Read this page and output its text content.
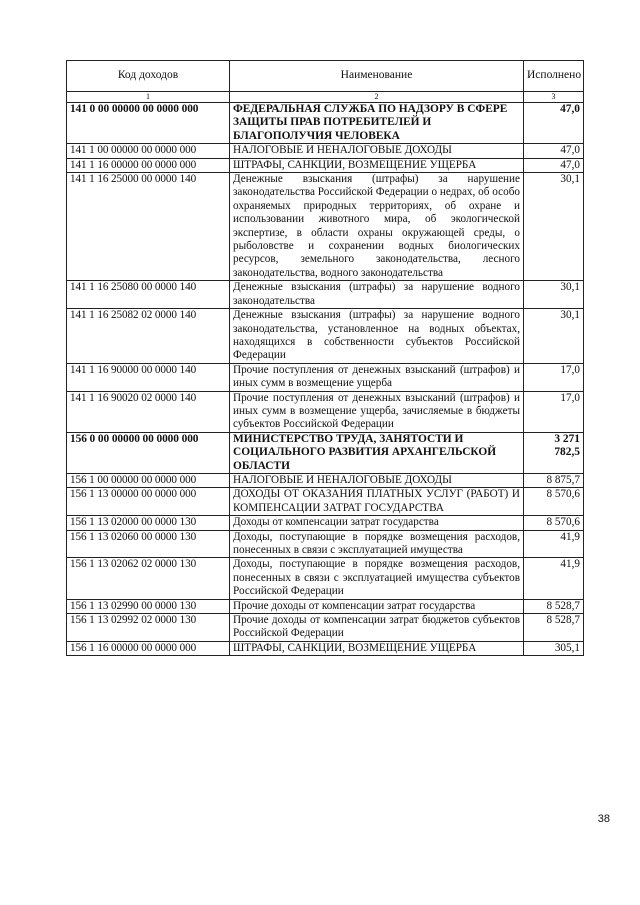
Код доходов	Наименование	Исполнено
1	2	3
141 0 00 00000 00 0000 000	ФЕДЕРАЛЬНАЯ СЛУЖБА ПО НАДЗОРУ В СФЕРЕ ЗАЩИТЫ ПРАВ ПОТРЕБИТЕЛЕЙ И БЛАГОПОЛУЧИЯ ЧЕЛОВЕКА	47,0
141 1 00 00000 00 0000 000	НАЛОГОВЫЕ И НЕНАЛОГОВЫЕ ДОХОДЫ	47,0
141 1 16 00000 00 0000 000	ШТРАФЫ, САНКЦИИ, ВОЗМЕЩЕНИЕ УЩЕРБА	47,0
141 1 16 25000 00 0000 140	Денежные взыскания (штрафы) за нарушение законодательства Российской Федерации о недрах, об особо охраняемых природных территориях, об охране и использовании животного мира, об экологической экспертизе, в области охраны окружающей среды, о рыболовстве и сохранении водных биологических ресурсов, земельного законодательства, лесного законодательства, водного законодательства	30,1
141 1 16 25080 00 0000 140	Денежные взыскания (штрафы) за нарушение водного законодательства	30,1
141 1 16 25082 02 0000 140	Денежные взыскания (штрафы) за нарушение водного законодательства, установленное на водных объектах, находящихся в собственности субъектов Российской Федерации	30,1
141 1 16 90000 00 0000 140	Прочие поступления от денежных взысканий (штрафов) и иных сумм в возмещение ущерба	17,0
141 1 16 90020 02 0000 140	Прочие поступления от денежных взысканий (штрафов) и иных сумм в возмещение ущерба, зачисляемые в бюджеты субъектов Российской Федерации	17,0
156 0 00 00000 00 0000 000	МИНИСТЕРСТВО ТРУДА, ЗАНЯТОСТИ И СОЦИАЛЬНОГО РАЗВИТИЯ АРХАНГЕЛЬСКОЙ ОБЛАСТИ	3 271 782,5
156 1 00 00000 00 0000 000	НАЛОГОВЫЕ И НЕНАЛОГОВЫЕ ДОХОДЫ	8 875,7
156 1 13 00000 00 0000 000	ДОХОДЫ ОТ ОКАЗАНИЯ ПЛАТНЫХ УСЛУГ (РАБОТ) И КОМПЕНСАЦИИ ЗАТРАТ ГОСУДАРСТВА	8 570,6
156 1 13 02000 00 0000 130	Доходы от компенсации затрат государства	8 570,6
156 1 13 02060 00 0000 130	Доходы, поступающие в порядке возмещения расходов, понесенных в связи с эксплуатацией имущества	41,9
156 1 13 02062 02 0000 130	Доходы, поступающие в порядке возмещения расходов, понесенных в связи с эксплуатацией имущества субъектов Российской Федерации	41,9
156 1 13 02990 00 0000 130	Прочие доходы от компенсации затрат государства	8 528,7
156 1 13 02992 02 0000 130	Прочие доходы от компенсации затрат бюджетов субъектов Российской Федерации	8 528,7
156 1 16 00000 00 0000 000	ШТРАФЫ, САНКЦИИ, ВОЗМЕЩЕНИЕ УЩЕРБА	305,1
38
